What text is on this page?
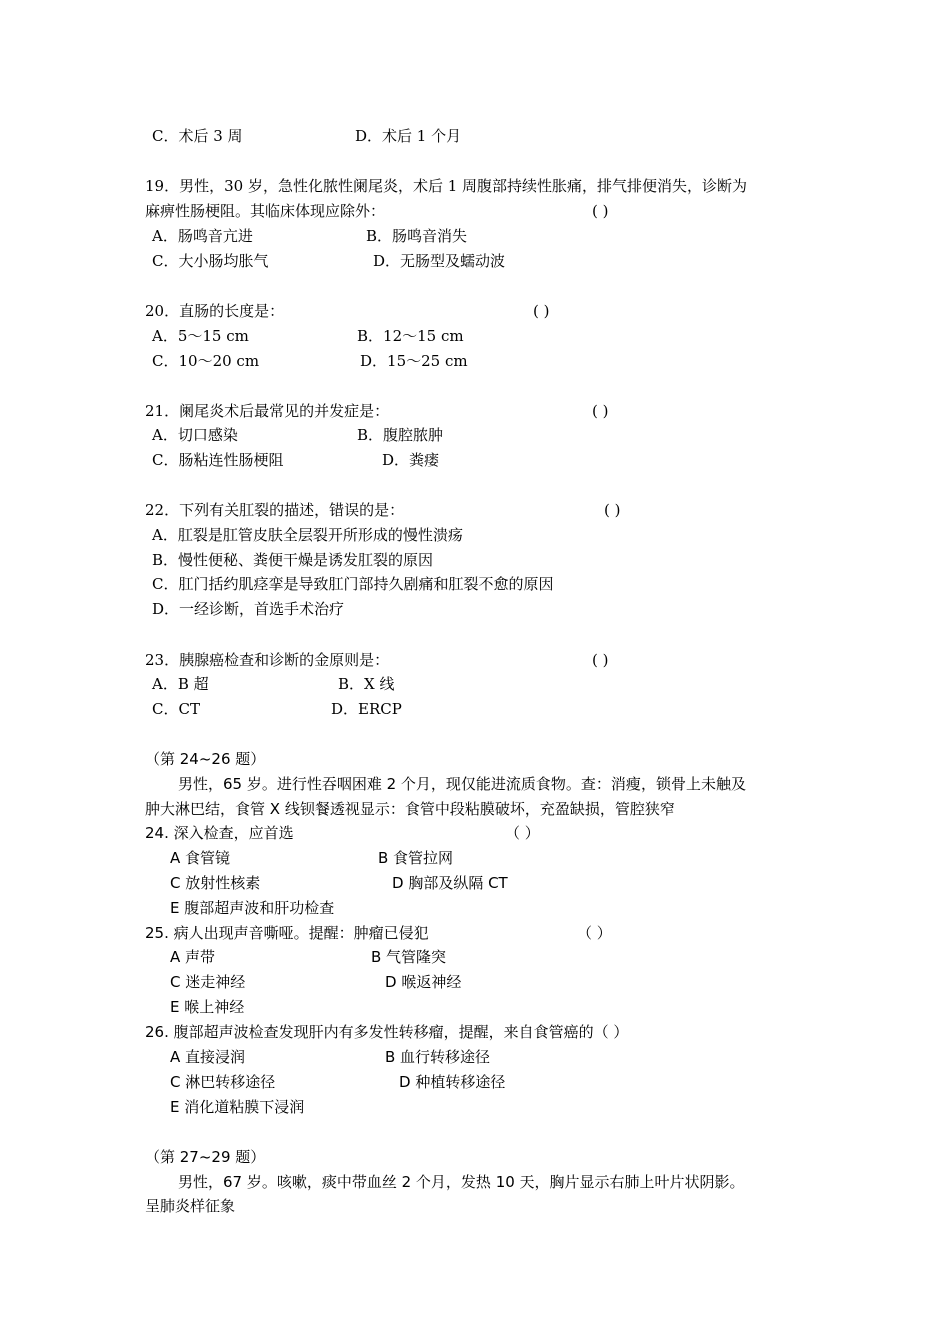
C．术后 3 周	D．术后 1 个月
19．男性，30 岁，急性化脓性阑尾炎，术后 1 周腹部持续性胀痛，排气排便消失，诊断为
麻痹性肠梗阻。其临床体现应除外：	( )
A．肠鸣音亢进	B．肠鸣音消失
C．大小肠均胀气	D．无肠型及蠕动波
20．直肠的长度是：	( )
A．5～15 cm	B．12～15 cm
C．10～20 cm	D．15～25 cm
21．阑尾炎术后最常见的并发症是：	( )
A．切口感染	B．腹腔脓肿
C．肠粘连性肠梗阻	D．粪瘘
22．下列有关肛裂的描述，错误的是：	( )
A．肛裂是肛管皮肤全层裂开所形成的慢性溃疡
B．慢性便秘、粪便干燥是诱发肛裂的原因
C．肛门括约肌痉挛是导致肛门部持久剧痛和肛裂不愈的原因
D．一经诊断，首选手术治疗
23．胰腺癌检查和诊断的金原则是：	( )
A．B 超	B．X 线
C．CT	D．ERCP
（第 24~26 题）
男性，65 岁。进行性吞咽困难 2 个月，现仅能进流质食物。查：消瘦，锁骨上未触及
肿大淋巴结，食管 X 线钡餐透视显示：食管中段粘膜破坏，充盈缺损，管腔狭窄
24. 深入检查，应首选	（ ）
A 食管镜	B 食管拉网
C 放射性核素	D 胸部及纵隔 CT
E 腹部超声波和肝功检查
25. 病人出现声音嘶哑。提醒：肿瘤已侵犯	（ ）
A 声带	B 气管隆突
C 迷走神经	D 喉返神经
E 喉上神经
26. 腹部超声波检查发现肝内有多发性转移瘤，提醒，来自食管癌的（ ）
A 直接浸润	B 血行转移途径
C 淋巴转移途径	D 种植转移途径
E 消化道粘膜下浸润
（第 27~29 题）
男性，67 岁。咳嗽，痰中带血丝 2 个月，发热 10 天，胸片显示右肺上叶片状阴影。
呈肺炎样征象
